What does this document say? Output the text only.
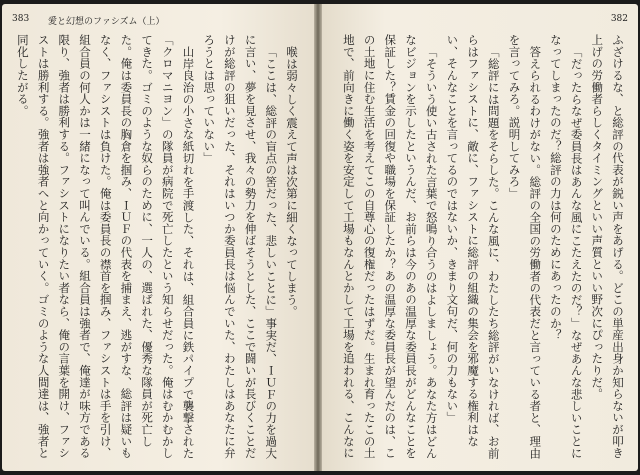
383 愛と幻想のファシズム（上）

喉は弱々しく震えて声は次第に細くなってしまう。

「ここは、総評の盲点の筈だった、悲しいことに」事実だ、ＩＵＦの力を過大に言い、夢を見させ、我々の勢力を伸ばそうとした、ここで闘いが長びくことだけが総評の狙いだった、それはいつか委員長は悩んでいた、わたしはあなたに弁ろうとは思っていない」

山岸良治の小さな紙切れを手渡した、それは、組合員に鉄パイプで襲撃された「クロマニヨン」の隊員が病院で死亡したという知らせだった。俺はむかむかしてきた。ゴミのような奴らのために、一人の、選ばれた、優秀な隊員が死亡した。俺は委員長の胸倉を掴み、ＩＵＦの代表を捕まえ、逃がすな、総評は疑いもなく、ファシストは負けた。俺は委員長の襟首を掴み、ファシストは手を引け、組合員の何人かは一緒になって叫んでいる。組合員は強者で、俺達が味方である限り、強者は勝利する。ファシストになりたい者なら、俺の言葉を開け、ファシストは勝利する。強者は強者へと向かっていく。ゴミのような人間達は、強者と同化したがる。

382

ふざけるな、と総評の代表が鋭い声をあげる。どこの単産出身か知らないが叩き上げの労働者らしくタイミングといい声質といい野次にぴったりだ。

「だったらなぜ委員長はあんな風にこたえたのだ？」なぜあんな悲しいことになってしまったのだ？総評の力は何のためにあったのか？

答えられるわけがない。総評の全国の労働者の代表だと言っている者と、理由を言ってみろ。説明してみろ」

「総評には問題をそらした。こんな風に、わたしたち総評がいなければ、お前らはファシストに、敵に、ファシストに総評の組織の集会を邪魔する権利はない、そんなことを言ってるのではないか、きまり文句だ、何の力もない」

「そういう使い古された言葉で怒鳴り合うのはよしましょう。あなた方はどんなビジョンを示したというんだ、お前らは今のあの温厚な委員長がどんなことを保証した？賃金の回復や職場を保証したか？あの温厚な委員長が望んだのは、この土地に住む生活を考えてこの自尊心の復権だったはずだ。生まれ育ったこの土地で、前向きに働く姿を安定して工場もなんとかして工場を追われる、こんなに
